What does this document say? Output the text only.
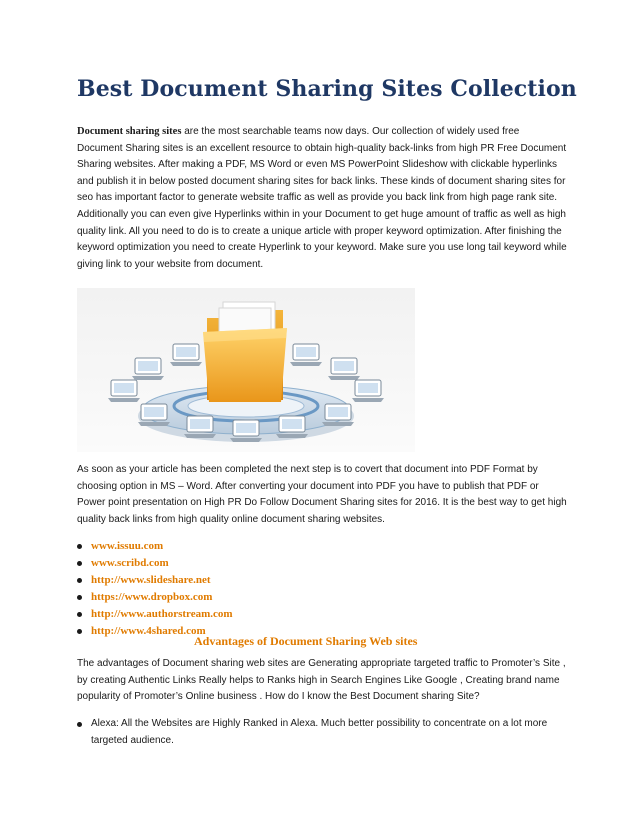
Best Document Sharing Sites Collection

Document sharing sites are the most searchable teams now days. Our collection of widely used free Document Sharing sites is an excellent resource to obtain high-quality back-links from high PR Free Document Sharing websites. After making a PDF, MS Word or even MS PowerPoint Slideshow with clickable hyperlinks and publish it in below posted document sharing sites for back links. These kinds of document sharing sites for seo has important factor to generate website traffic as well as provide you back link from high page rank site. Additionally you can even give Hyperlinks within in your Document to get huge amount of traffic as well as high quality link. All you need to do is to create a unique article with proper keyword optimization. After finishing the keyword optimization you need to create Hyperlink to your keyword. Make sure you use long tail keyword while giving link to your website from document.

As soon as your article has been completed the next step is to covert that document into PDF Format by choosing option in MS – Word. After converting your document into PDF you have to publish that PDF or Power point presentation on High PR Do Follow Document Sharing sites for 2016. It is the best way to get high quality back links from high quality online document sharing websites.

www.issuu.com
www.scribd.com
http://www.slideshare.net
https://www.dropbox.com
http://www.authorstream.com
http://www.4shared.com
Advantages of Document Sharing Web sites

The advantages of Document sharing web sites are Generating appropriate targeted traffic to Promoter’s Site , by creating Authentic Links Really helps to Ranks high in Search Engines Like Google , Creating brand name popularity of Promoter’s Online business . How do I know the Best Document sharing Site?

Alexa: All the Websites are Highly Ranked in Alexa. Much better possibility to concentrate on a lot more targeted audience.
